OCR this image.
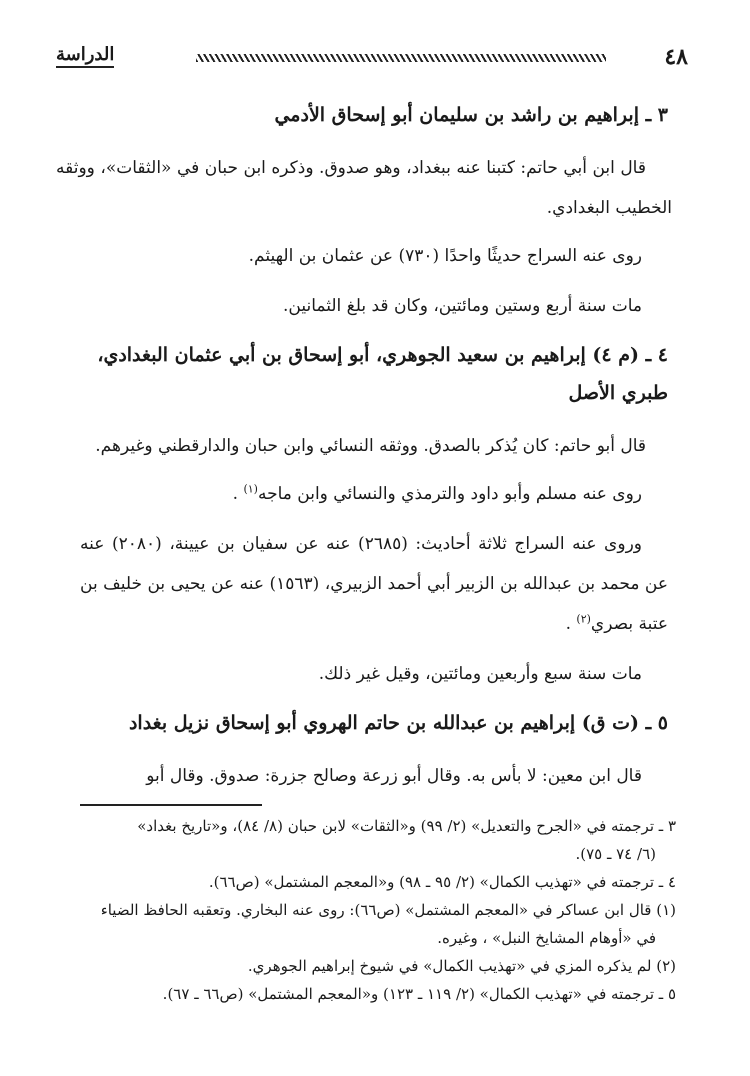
٤٨
الدراسة

٣ ـ إبراهيم بن راشد بن سليمان أبو إسحاق الأدمي

قال ابن أبي حاتم: كتبنا عنه ببغداد، وهو صدوق. وذكره ابن حبان في «الثقات»، ووثقه الخطيب البغدادي.

روى عنه السراج حديثًا واحدًا (٧٣٠) عن عثمان بن الهيثم.

مات سنة أربع وستين ومائتين، وكان قد بلغ الثمانين.

٤ ـ (م ٤) إبراهيم بن سعيد الجوهري، أبو إسحاق بن أبي عثمان البغدادي، طبري الأصل

قال أبو حاتم: كان يُذكر بالصدق. ووثقه النسائي وابن حبان والدارقطني وغيرهم.

روى عنه مسلم وأبو داود والترمذي والنسائي وابن ماجه$^{(١)}$ .

وروى عنه السراج ثلاثة أحاديث: (٢٦٨٥) عنه عن سفيان بن عيينة، (٢٠٨٠) عنه عن محمد بن عبدالله بن الزبير أبي أحمد الزبيري، (١٥٦٣) عنه عن يحيى بن خليف بن عتبة بصري$^{(٢)}$ .

مات سنة سبع وأربعين ومائتين، وقيل غير ذلك.

٥ ـ (ت ق) إبراهيم بن عبدالله بن حاتم الهروي أبو إسحاق نزيل بغداد

قال ابن معين: لا بأس به. وقال أبو زرعة وصالح جزرة: صدوق. وقال أبو

٣ ـ ترجمته في «الجرح والتعديل» (٢/ ٩٩) و«الثقات» لابن حبان (٨/ ٨٤)، و«تاريخ بغداد»

(٦/ ٧٤ ـ ٧٥).

٤ ـ ترجمته في «تهذيب الكمال» (٢/ ٩٥ ـ ٩٨) و«المعجم المشتمل» (ص٦٦).

(١) قال ابن عساكر في «المعجم المشتمل» (ص٦٦): روى عنه البخاري. وتعقبه الحافظ الضياء

في «أوهام المشايخ النبل» ، وغيره.

(٢) لم يذكره المزي في «تهذيب الكمال» في شيوخ إبراهيم الجوهري.

٥ ـ ترجمته في «تهذيب الكمال» (٢/ ١١٩ ـ ١٢٣) و«المعجم المشتمل» (ص٦٦ ـ ٦٧).
